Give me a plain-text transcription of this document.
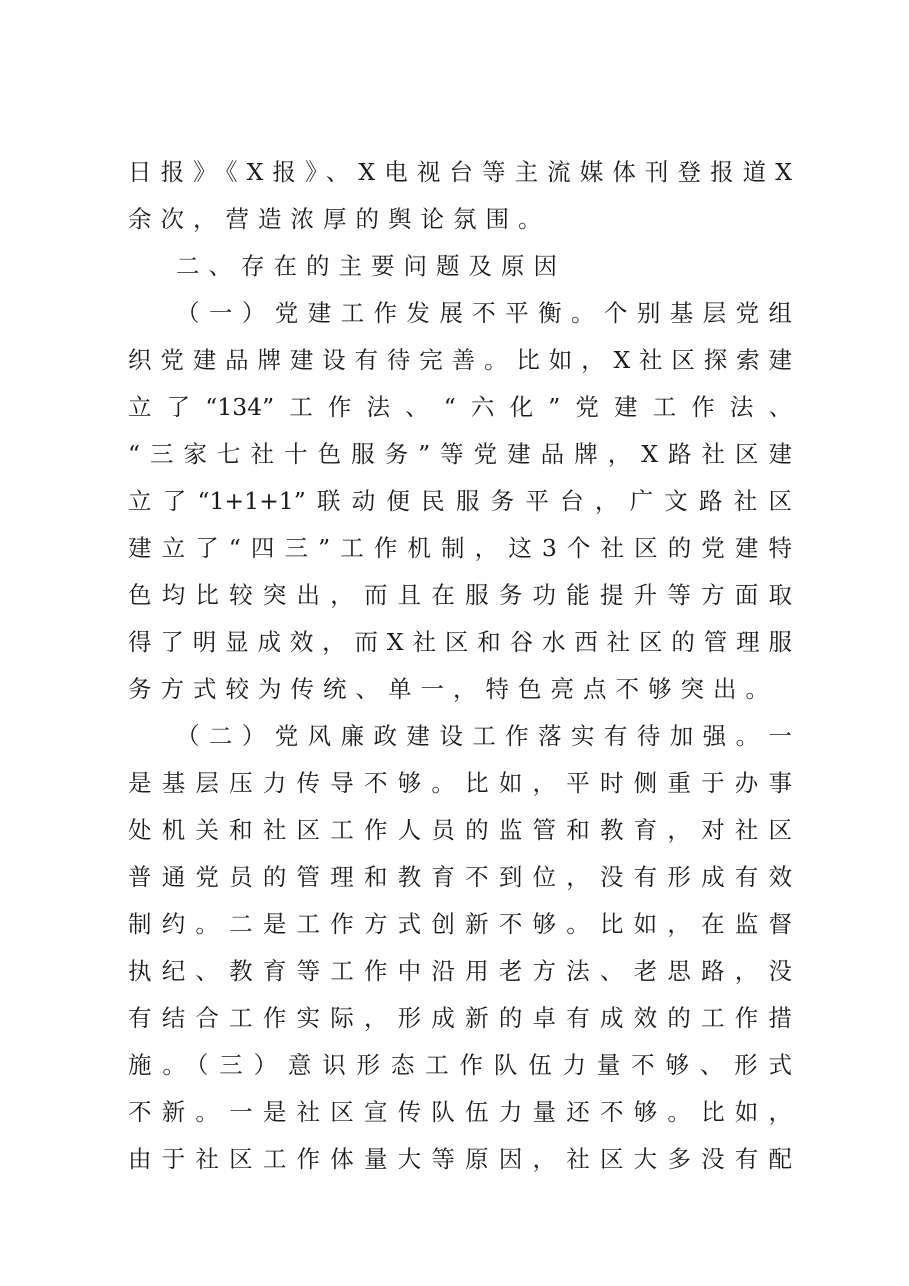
日报》《X报》、X电视台等主流媒体刊登报道X
余次，营造浓厚的舆论氛围。
二、存在的主要问题及原因
（一）党建工作发展不平衡。个别基层党组
织党建品牌建设有待完善。比如，X社区探索建
立了“134”工作法、“六化”党建工作法、
“三家七社十色服务”等党建品牌，X路社区建
立了“1+1+1”联动便民服务平台，广文路社区
建立了“四三”工作机制，这3个社区的党建特
色均比较突出，而且在服务功能提升等方面取
得了明显成效，而X社区和谷水西社区的管理服
务方式较为传统、单一，特色亮点不够突出。
（二）党风廉政建设工作落实有待加强。一
是基层压力传导不够。比如，平时侧重于办事
处机关和社区工作人员的监管和教育，对社区
普通党员的管理和教育不到位，没有形成有效
制约。二是工作方式创新不够。比如，在监督
执纪、教育等工作中沿用老方法、老思路，没
有结合工作实际，形成新的卓有成效的工作措
施。（三）意识形态工作队伍力量不够、形式
不新。一是社区宣传队伍力量还不够。比如，
由于社区工作体量大等原因，社区大多没有配
